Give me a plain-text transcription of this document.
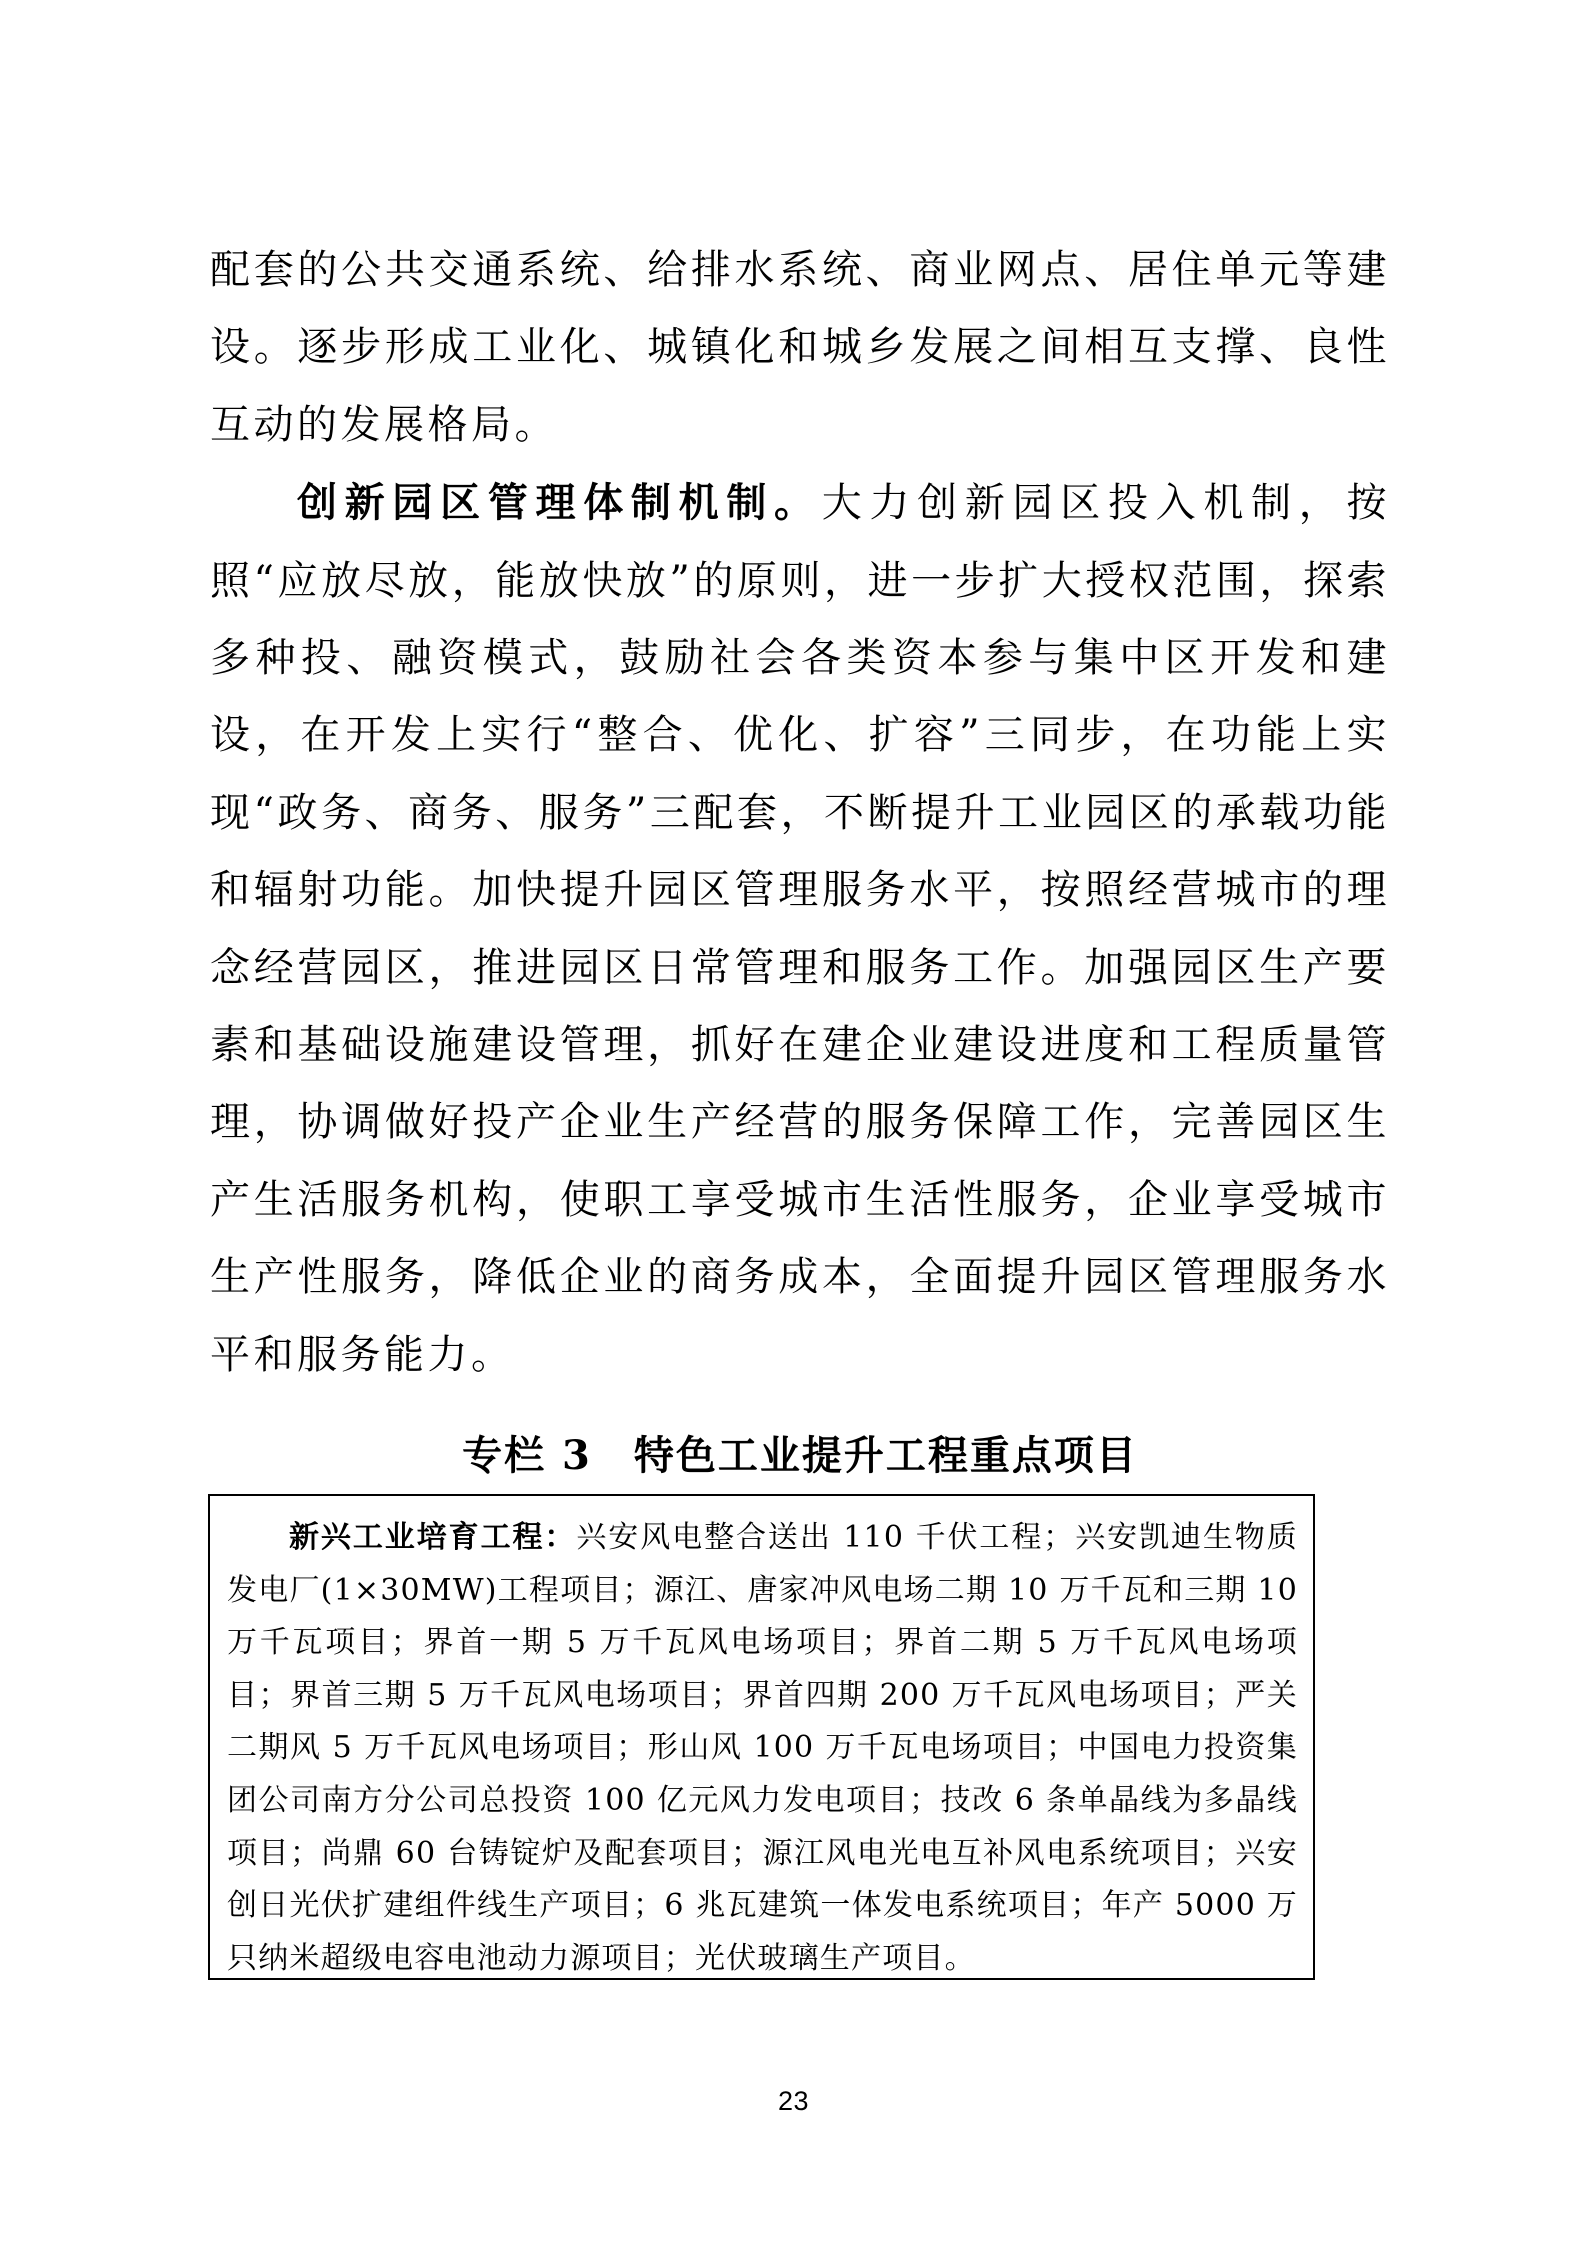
配套的公共交通系统、给排水系统、商业网点、居住单元等建设。逐步形成工业化、城镇化和城乡发展之间相互支撑、良性互动的发展格局。

创新园区管理体制机制。大力创新园区投入机制，按照“应放尽放，能放快放”的原则，进一步扩大授权范围，探索多种投、融资模式，鼓励社会各类资本参与集中区开发和建设，在开发上实行“整合、优化、扩容”三同步，在功能上实现“政务、商务、服务”三配套，不断提升工业园区的承载功能和辐射功能。加快提升园区管理服务水平，按照经营城市的理念经营园区，推进园区日常管理和服务工作。加强园区生产要素和基础设施建设管理，抓好在建企业建设进度和工程质量管理，协调做好投产企业生产经营的服务保障工作，完善园区生产生活服务机构，使职工享受城市生活性服务，企业享受城市生产性服务，降低企业的商务成本，全面提升园区管理服务水平和服务能力。

专栏 3　特色工业提升工程重点项目

新兴工业培育工程：兴安风电整合送出 110 千伏工程；兴安凯迪生物质发电厂(1×30MW)工程项目；源江、唐家冲风电场二期 10 万千瓦和三期 10 万千瓦项目；界首一期 5 万千瓦风电场项目；界首二期 5 万千瓦风电场项目；界首三期 5 万千瓦风电场项目；界首四期 200 万千瓦风电场项目；严关二期风 5 万千瓦风电场项目；形山风 100 万千瓦电场项目；中国电力投资集团公司南方分公司总投资 100 亿元风力发电项目；技改 6 条单晶线为多晶线项目；尚鼎 60 台铸锭炉及配套项目；源江风电光电互补风电系统项目；兴安创日光伏扩建组件线生产项目；6 兆瓦建筑一体发电系统项目；年产 5000 万只纳米超级电容电池动力源项目；光伏玻璃生产项目。

23
